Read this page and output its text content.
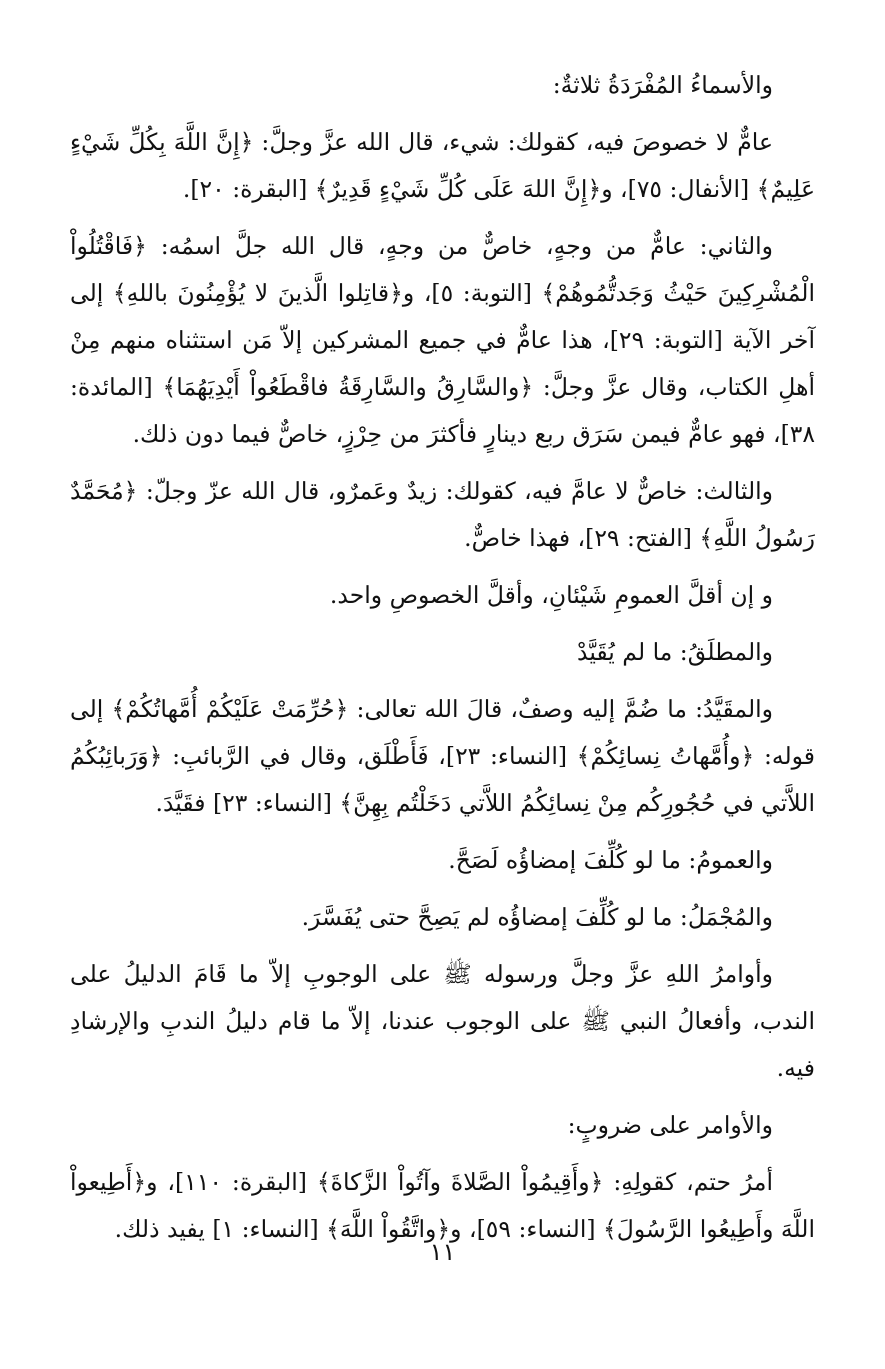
والأسماءُ المُفْرَدَةُ ثلاثةٌ:

عامٌّ لا خصوصَ فيه، كقولك: شيء، قال الله عزَّ وجلَّ: ﴿إِنَّ اللَّهَ بِكُلِّ شَيْءٍ عَلِيمٌ﴾ [الأنفال: ٧٥]، و﴿إِنَّ اللهَ عَلَى كُلِّ شَيْءٍ قَدِيرٌ﴾ [البقرة: ٢٠].

والثاني: عامٌّ من وجهٍ، خاصٌّ من وجهٍ، قال الله جلَّ اسمُه: ﴿فَاقْتُلُواْ الْمُشْرِكِينَ حَيْثُ وَجَدتُّمُوهُمْ﴾ [التوبة: ٥]، و﴿قاتِلوا الَّذينَ لا يُؤْمِنُونَ باللهِ﴾ إلى آخر الآية [التوبة: ٢٩]، هذا عامٌّ في جميع المشركين إلاّ مَن استثناه منهم مِنْ أهلِ الكتاب، وقال عزَّ وجلَّ: ﴿والسَّارِقُ والسَّارِقَةُ فاقْطَعُواْ أَيْدِيَهُمَا﴾ [المائدة: ٣٨]، فهو عامٌّ فيمن سَرَق ربع دينارٍ فأكثرَ من حِرْزٍ، خاصٌّ فيما دون ذلك.

والثالث: خاصٌّ لا عامَّ فيه، كقولك: زيدٌ وعَمرٌو، قال الله عزّ وجلّ: ﴿مُحَمَّدٌ رَسُولُ اللَّهِ﴾ [الفتح: ٢٩]، فهذا خاصٌّ.

و إن أقلَّ العمومِ شَيْئانِ، وأقلَّ الخصوصِ واحد.

والمطلَقُ: ما لم يُقَيَّدْ

والمقَيَّدُ: ما ضُمَّ إليه وصفٌ، قالَ الله تعالى: ﴿حُرِّمَتْ عَلَيْكُمْ أُمَّهاتُكُمْ﴾ إلى قوله: ﴿وأُمَّهاتُ نِسائِكُمْ﴾ [النساء: ٢٣]، فَأَطْلَق، وقال في الرَّبائبِ: ﴿وَرَبائِبُكُمُ اللاَّتي في حُجُورِكُم مِنْ نِسائِكُمُ اللاَّتي دَخَلْتُم بِهِنَّ﴾ [النساء: ٢٣] فقَيَّدَ.

والعمومُ: ما لو كُلِّفَ إمضاؤُه لَصَحَّ.

والمُجْمَلُ: ما لو كُلِّفَ إمضاؤُه لم يَصِحَّ حتى يُفَسَّرَ.

وأوامرُ اللهِ عزَّ وجلَّ ورسوله ﷺ على الوجوبِ إلاّ ما قَامَ الدليلُ على الندب، وأفعالُ النبي ﷺ على الوجوب عندنا، إلاّ ما قام دليلُ الندبِ والإرشادِ فيه.

والأوامر على ضروبٍ:

أمرُ حتم، كقولِهِ: ﴿وأَقِيمُواْ الصَّلاةَ وآتُواْ الزَّكاةَ﴾ [البقرة: ١١٠]، و﴿أَطِيعواْ اللَّهَ وأَطِيعُوا الرَّسُولَ﴾ [النساء: ٥٩]، و﴿واتَّقُواْ اللَّهَ﴾ [النساء: ١] يفيد ذلك.

١١
